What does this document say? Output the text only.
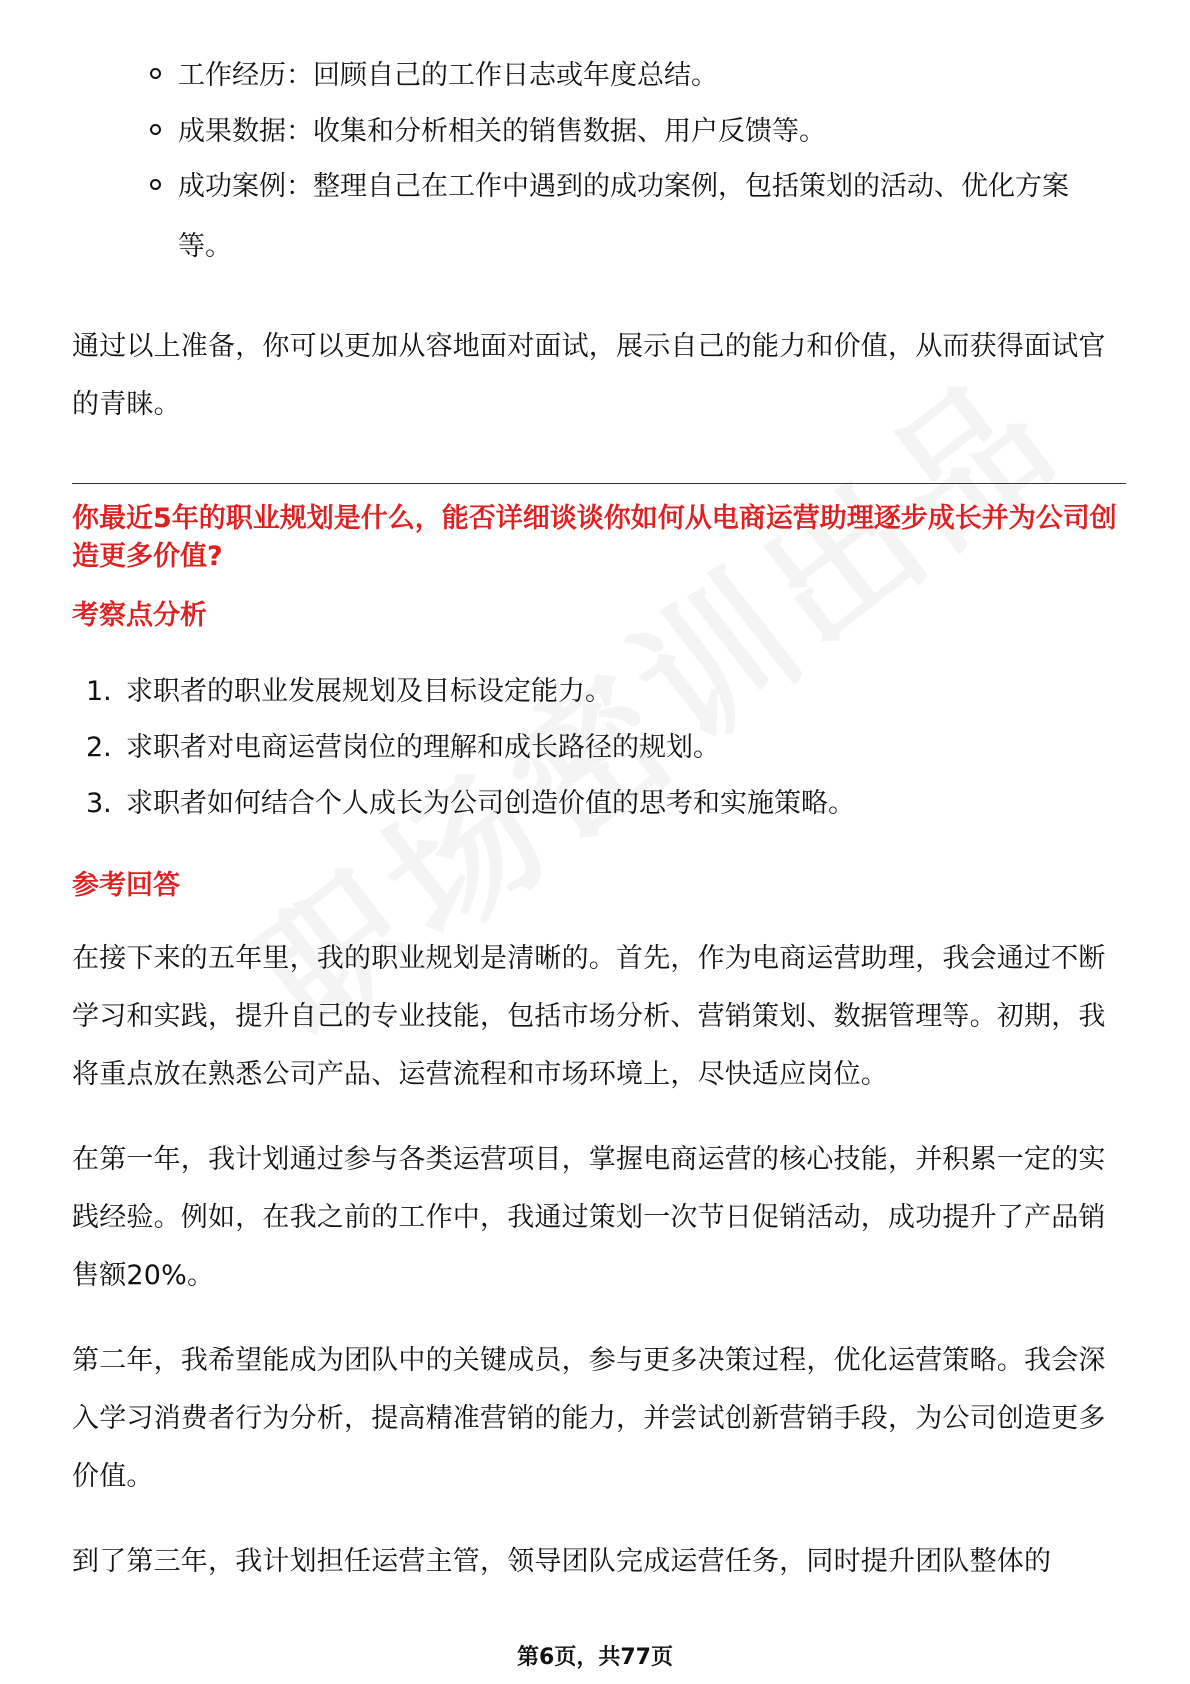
工作经历：回顾自己的工作日志或年度总结。
成果数据：收集和分析相关的销售数据、用户反馈等。
成功案例：整理自己在工作中遇到的成功案例，包括策划的活动、优化方案等。
通过以上准备，你可以更加从容地面对面试，展示自己的能力和价值，从而获得面试官的青睐。
你最近5年的职业规划是什么，能否详细谈谈你如何从电商运营助理逐步成长并为公司创造更多价值?
考察点分析
1. 求职者的职业发展规划及目标设定能力。
2. 求职者对电商运营岗位的理解和成长路径的规划。
3. 求职者如何结合个人成长为公司创造价值的思考和实施策略。
参考回答
在接下来的五年里，我的职业规划是清晰的。首先，作为电商运营助理，我会通过不断学习和实践，提升自己的专业技能，包括市场分析、营销策划、数据管理等。初期，我将重点放在熟悉公司产品、运营流程和市场环境上，尽快适应岗位。
在第一年，我计划通过参与各类运营项目，掌握电商运营的核心技能，并积累一定的实践经验。例如，在我之前的工作中，我通过策划一次节日促销活动，成功提升了产品销售额20%。
第二年，我希望能成为团队中的关键成员，参与更多决策过程，优化运营策略。我会深入学习消费者行为分析，提高精准营销的能力，并尝试创新营销手段，为公司创造更多价值。
到了第三年，我计划担任运营主管，领导团队完成运营任务，同时提升团队整体的
第6页，共77页
